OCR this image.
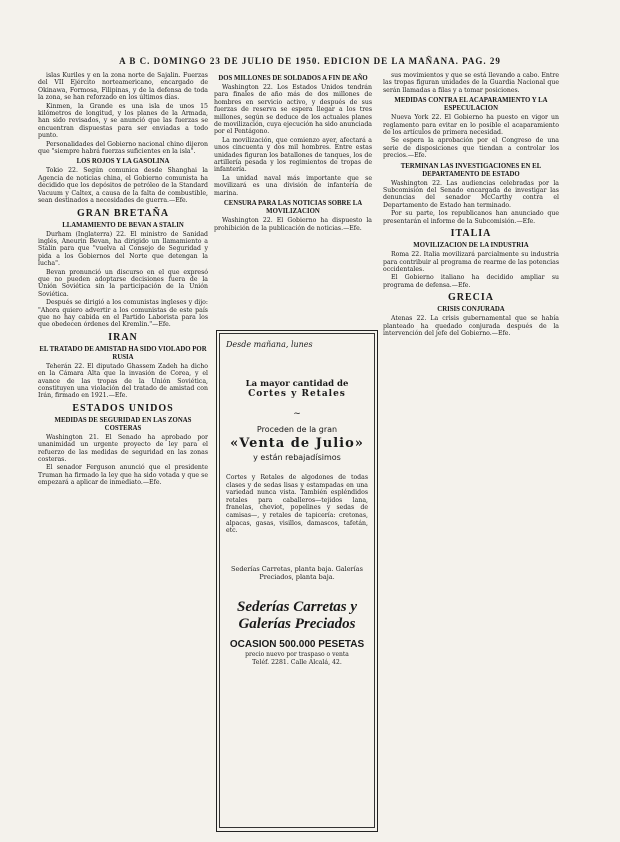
A B C. DOMINGO 23 DE JULIO DE 1950. EDICION DE LA MAÑANA. PAG. 29

islas Kuriles y en la zona norte de Sajalin. Fuerzas del VII Ejército norteamericano, encargado de Okinawa, Formosa, Filipinas, y de la defensa de toda la zona, se han reforzado en los últimos días.

Kinmen, la Grande es una isla de unos 15 kilómetros de longitud, y los planes de la Armada, han sido revisados, y se anunció que las fuerzas se encuentran dispuestas para ser enviadas a todo punto.

Personalidades del Gobierno nacional chino dijeron que "siempre habrá fuerzas suficientes en la isla".

LOS ROJOS Y LA GASOLINA

Tokio 22. Según comunica desde Shanghai la Agencia de noticias china, el Gobierno comunista ha decidido que los depósitos de petróleo de la Standard Vacuum y Caltex, a causa de la falta de combustible, sean destinados a necesidades de guerra.—Efe.

GRAN BRETAÑA
LLAMAMIENTO DE BEVAN A STALIN

Durham (Inglaterra) 22. El ministro de Sanidad inglés, Aneurin Bevan, ha dirigido un llamamiento a Stalin para que "vuelva al Consejo de Seguridad y pida a los Gobiernos del Norte que detengan la lucha".

Bevan pronunció un discurso en el que expresó que no pueden adoptarse decisiones fuera de la Unión Soviética sin la participación de la Unión Soviética.

Después se dirigió a los comunistas ingleses y dijo: "Ahora quiero advertir a los comunistas de este país que no hay cabida en el Partido Laborista para los que obedecen órdenes del Kremlin."—Efe.

IRAN
EL TRATADO DE AMISTAD HA SIDO VIOLADO POR RUSIA

Teherán 22. El diputado Ghassem Zadeh ha dicho en la Cámara Alta que la invasión de Corea, y el avance de las tropas de la Unión Soviética, constituyen una violación del tratado de amistad con Irán, firmado en 1921.—Efe.

ESTADOS UNIDOS
MEDIDAS DE SEGURIDAD EN LAS ZONAS COSTERAS

Washington 21. El Senado ha aprobado por unanimidad un urgente proyecto de ley para el refuerzo de las medidas de seguridad en las zonas costeras.

El senador Ferguson anunció que el presidente Truman ha firmado la ley que ha sido votada y que se empezará a aplicar de inmediato.—Efe.

DOS MILLONES DE SOLDADOS A FIN DE AÑO

Washington 22. Los Estados Unidos tendrán para finales de año más de dos millones de hombres en servicio activo, y después de sus fuerzas de reserva se espera llegar a los tres millones, según se deduce de los actuales planes de movilización, cuya ejecución ha sido anunciada por el Pentágono.

La movilización, que comienzo ayer, afectará a unos cincuenta y dos mil hombres. Entre estas unidades figuran los batallones de tanques, los de artillería pesada y los regimientos de tropas de infantería.

La unidad naval más importante que se movilizará es una división de infantería de marina.

CENSURA PARA LAS NOTICIAS SOBRE LA MOVILIZACION

Washington 22. El Gobierno ha dispuesto la prohibición de la publicación de noticias.—Efe.

Desde mañana, lunes
La mayor cantidad de
Cortes y Retales
~
Proceden de la gran
«Venta de Julio»
y están rebajadísimos
Cortes y Retales de algodones de todas clases y de sedas lisas y estampadas en una variedad nunca vista. También espléndidos retales para caballeros—tejidos lana, franelas, cheviot, popelines y sedas de camisas—, y retales de tapicería: cretonas, alpacas, gasas, visillos, damascos, tafetán, etc.
Sederías Carretas, planta baja. Galerías Preciados, planta baja.
Sederías Carretas y
Galerías Preciados
OCASION 500.000 PESETAS
precio nuevo por traspaso o venta
Teléf. 2281. Calle Alcalá, 42.

sus movimientos y que se está llevando a cabo. Entre las tropas figuran unidades de la Guardia Nacional que serán llamadas a filas y a tomar posiciones.

MEDIDAS CONTRA EL ACAPARAMIENTO Y LA ESPECULACION

Nueva York 22. El Gobierno ha puesto en vigor un reglamento para evitar en lo posible el acaparamiento de los artículos de primera necesidad.

Se espera la aprobación por el Congreso de una serie de disposiciones que tiendan a controlar los precios.—Efe.

TERMINAN LAS INVESTIGACIONES EN EL DEPARTAMENTO DE ESTADO

Washington 22. Las audiencias celebradas por la Subcomisión del Senado encargada de investigar las denuncias del senador McCarthy contra el Departamento de Estado han terminado.

Por su parte, los republicanos han anunciado que presentarán el informe de la Subcomisión.—Efe.

ITALIA
MOVILIZACION DE LA INDUSTRIA

Roma 22. Italia movilizará parcialmente su industria para contribuir al programa de rearme de las potencias occidentales.

El Gobierno italiano ha decidido ampliar su programa de defensa.—Efe.

GRECIA
CRISIS CONJURADA

Atenas 22. La crisis gubernamental que se había planteado ha quedado conjurada después de la intervención del jefe del Gobierno.—Efe.
